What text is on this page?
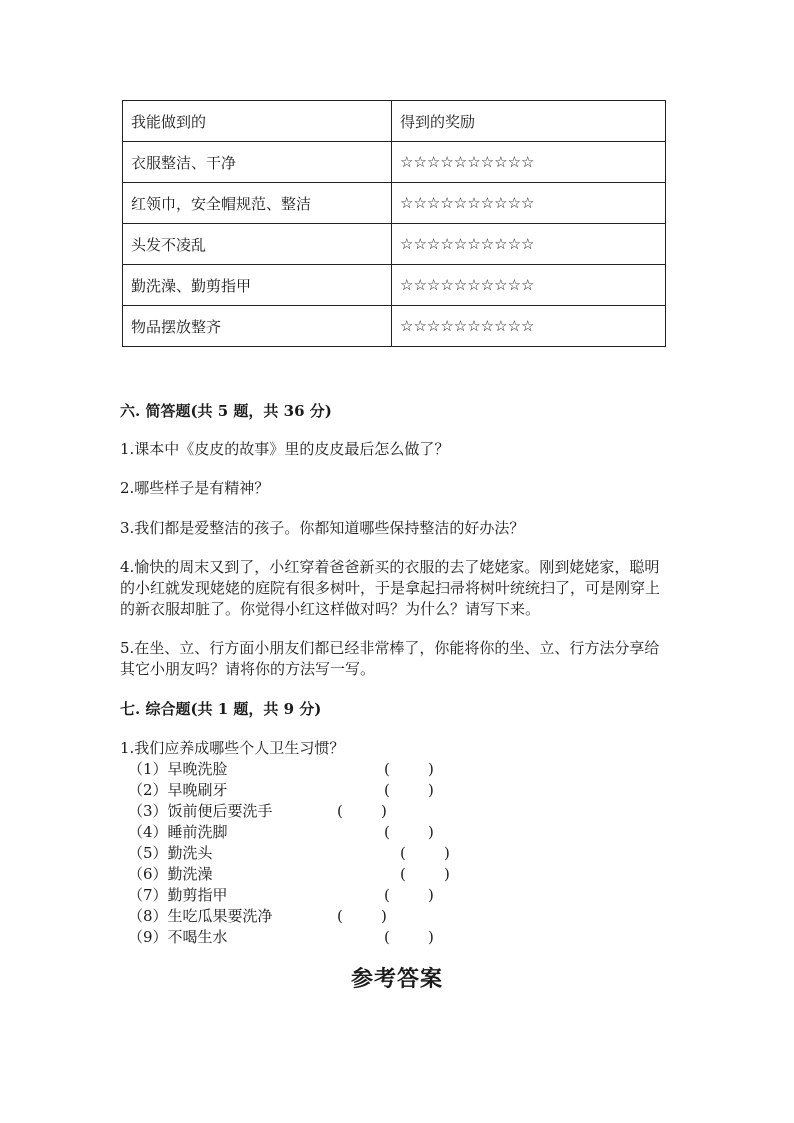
我能做到的	得到的奖励
衣服整洁、干净	☆☆☆☆☆☆☆☆☆☆
红领巾，安全帽规范、整洁	☆☆☆☆☆☆☆☆☆☆
头发不凌乱	☆☆☆☆☆☆☆☆☆☆
勤洗澡、勤剪指甲	☆☆☆☆☆☆☆☆☆☆
物品摆放整齐	☆☆☆☆☆☆☆☆☆☆
六. 简答题(共 5 题，共 36 分)
1.课本中《皮皮的故事》里的皮皮最后怎么做了？
2.哪些样子是有精神？
3.我们都是爱整洁的孩子。你都知道哪些保持整洁的好办法？
4.愉快的周末又到了，小红穿着爸爸新买的衣服的去了姥姥家。刚到姥姥家，聪明的小红就发现姥姥的庭院有很多树叶，于是拿起扫帚将树叶统统扫了，可是刚穿上的新衣服却脏了。你觉得小红这样做对吗？为什么？请写下来。
5.在坐、立、行方面小朋友们都已经非常棒了，你能将你的坐、立、行方法分享给其它小朋友吗？请将你的方法写一写。
七. 综合题(共 1 题，共 9 分)
1.我们应养成哪些个人卫生习惯？
（1）早晚洗脸	(        )
（2）早晚刷牙	(        )
（3）饭前便后要洗手	(        )
（4）睡前洗脚	(        )
（5）勤洗头	(        )
（6）勤洗澡	(        )
（7）勤剪指甲	(        )
（8）生吃瓜果要洗净	(        )
（9）不喝生水	(        )
参考答案
